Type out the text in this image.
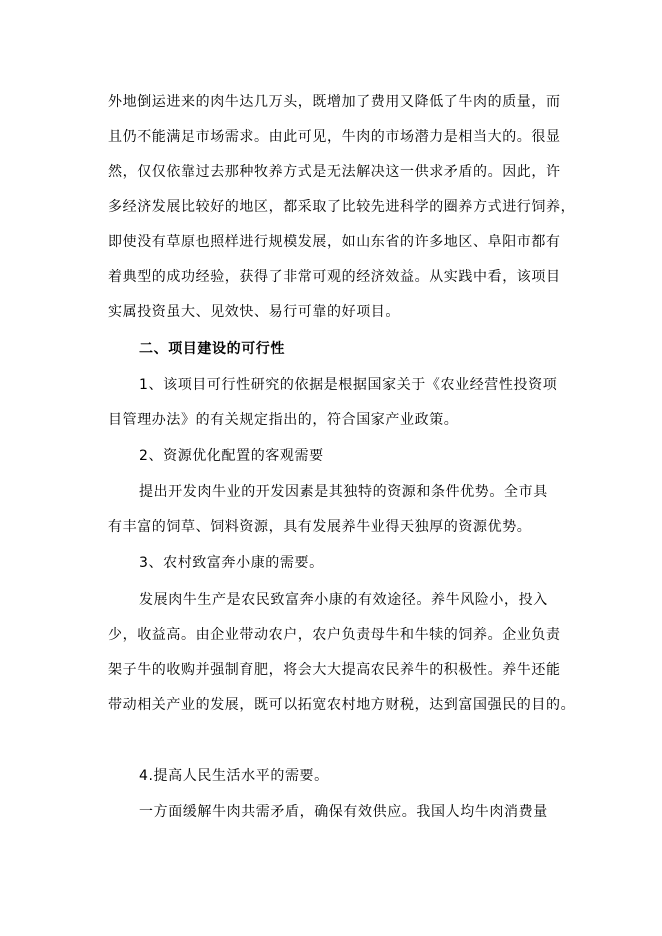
外地倒运进来的肉牛达几万头，既增加了费用又降低了牛肉的质量，而
且仍不能满足市场需求。由此可见，牛肉的市场潜力是相当大的。很显
然，仅仅依靠过去那种牧养方式是无法解决这一供求矛盾的。因此，许
多经济发展比较好的地区，都采取了比较先进科学的圈养方式进行饲养，
即使没有草原也照样进行规模发展，如山东省的许多地区、阜阳市都有
着典型的成功经验，获得了非常可观的经济效益。从实践中看，该项目
实属投资虽大、见效快、易行可靠的好项目。
二、项目建设的可行性
1、该项目可行性研究的依据是根据国家关于《农业经营性投资项
目管理办法》的有关规定指出的，符合国家产业政策。
2、资源优化配置的客观需要
提出开发肉牛业的开发因素是其独特的资源和条件优势。全市具
有丰富的饲草、饲料资源，具有发展养牛业得天独厚的资源优势。
3、农村致富奔小康的需要。
发展肉牛生产是农民致富奔小康的有效途径。养牛风险小，投入
少，收益高。由企业带动农户，农户负责母牛和牛犊的饲养。企业负责
架子牛的收购并强制育肥，将会大大提高农民养牛的积极性。养牛还能
带动相关产业的发展，既可以拓宽农村地方财税，达到富国强民的目的。
4.提高人民生活水平的需要。
一方面缓解牛肉共需矛盾，确保有效供应。我国人均牛肉消费量
